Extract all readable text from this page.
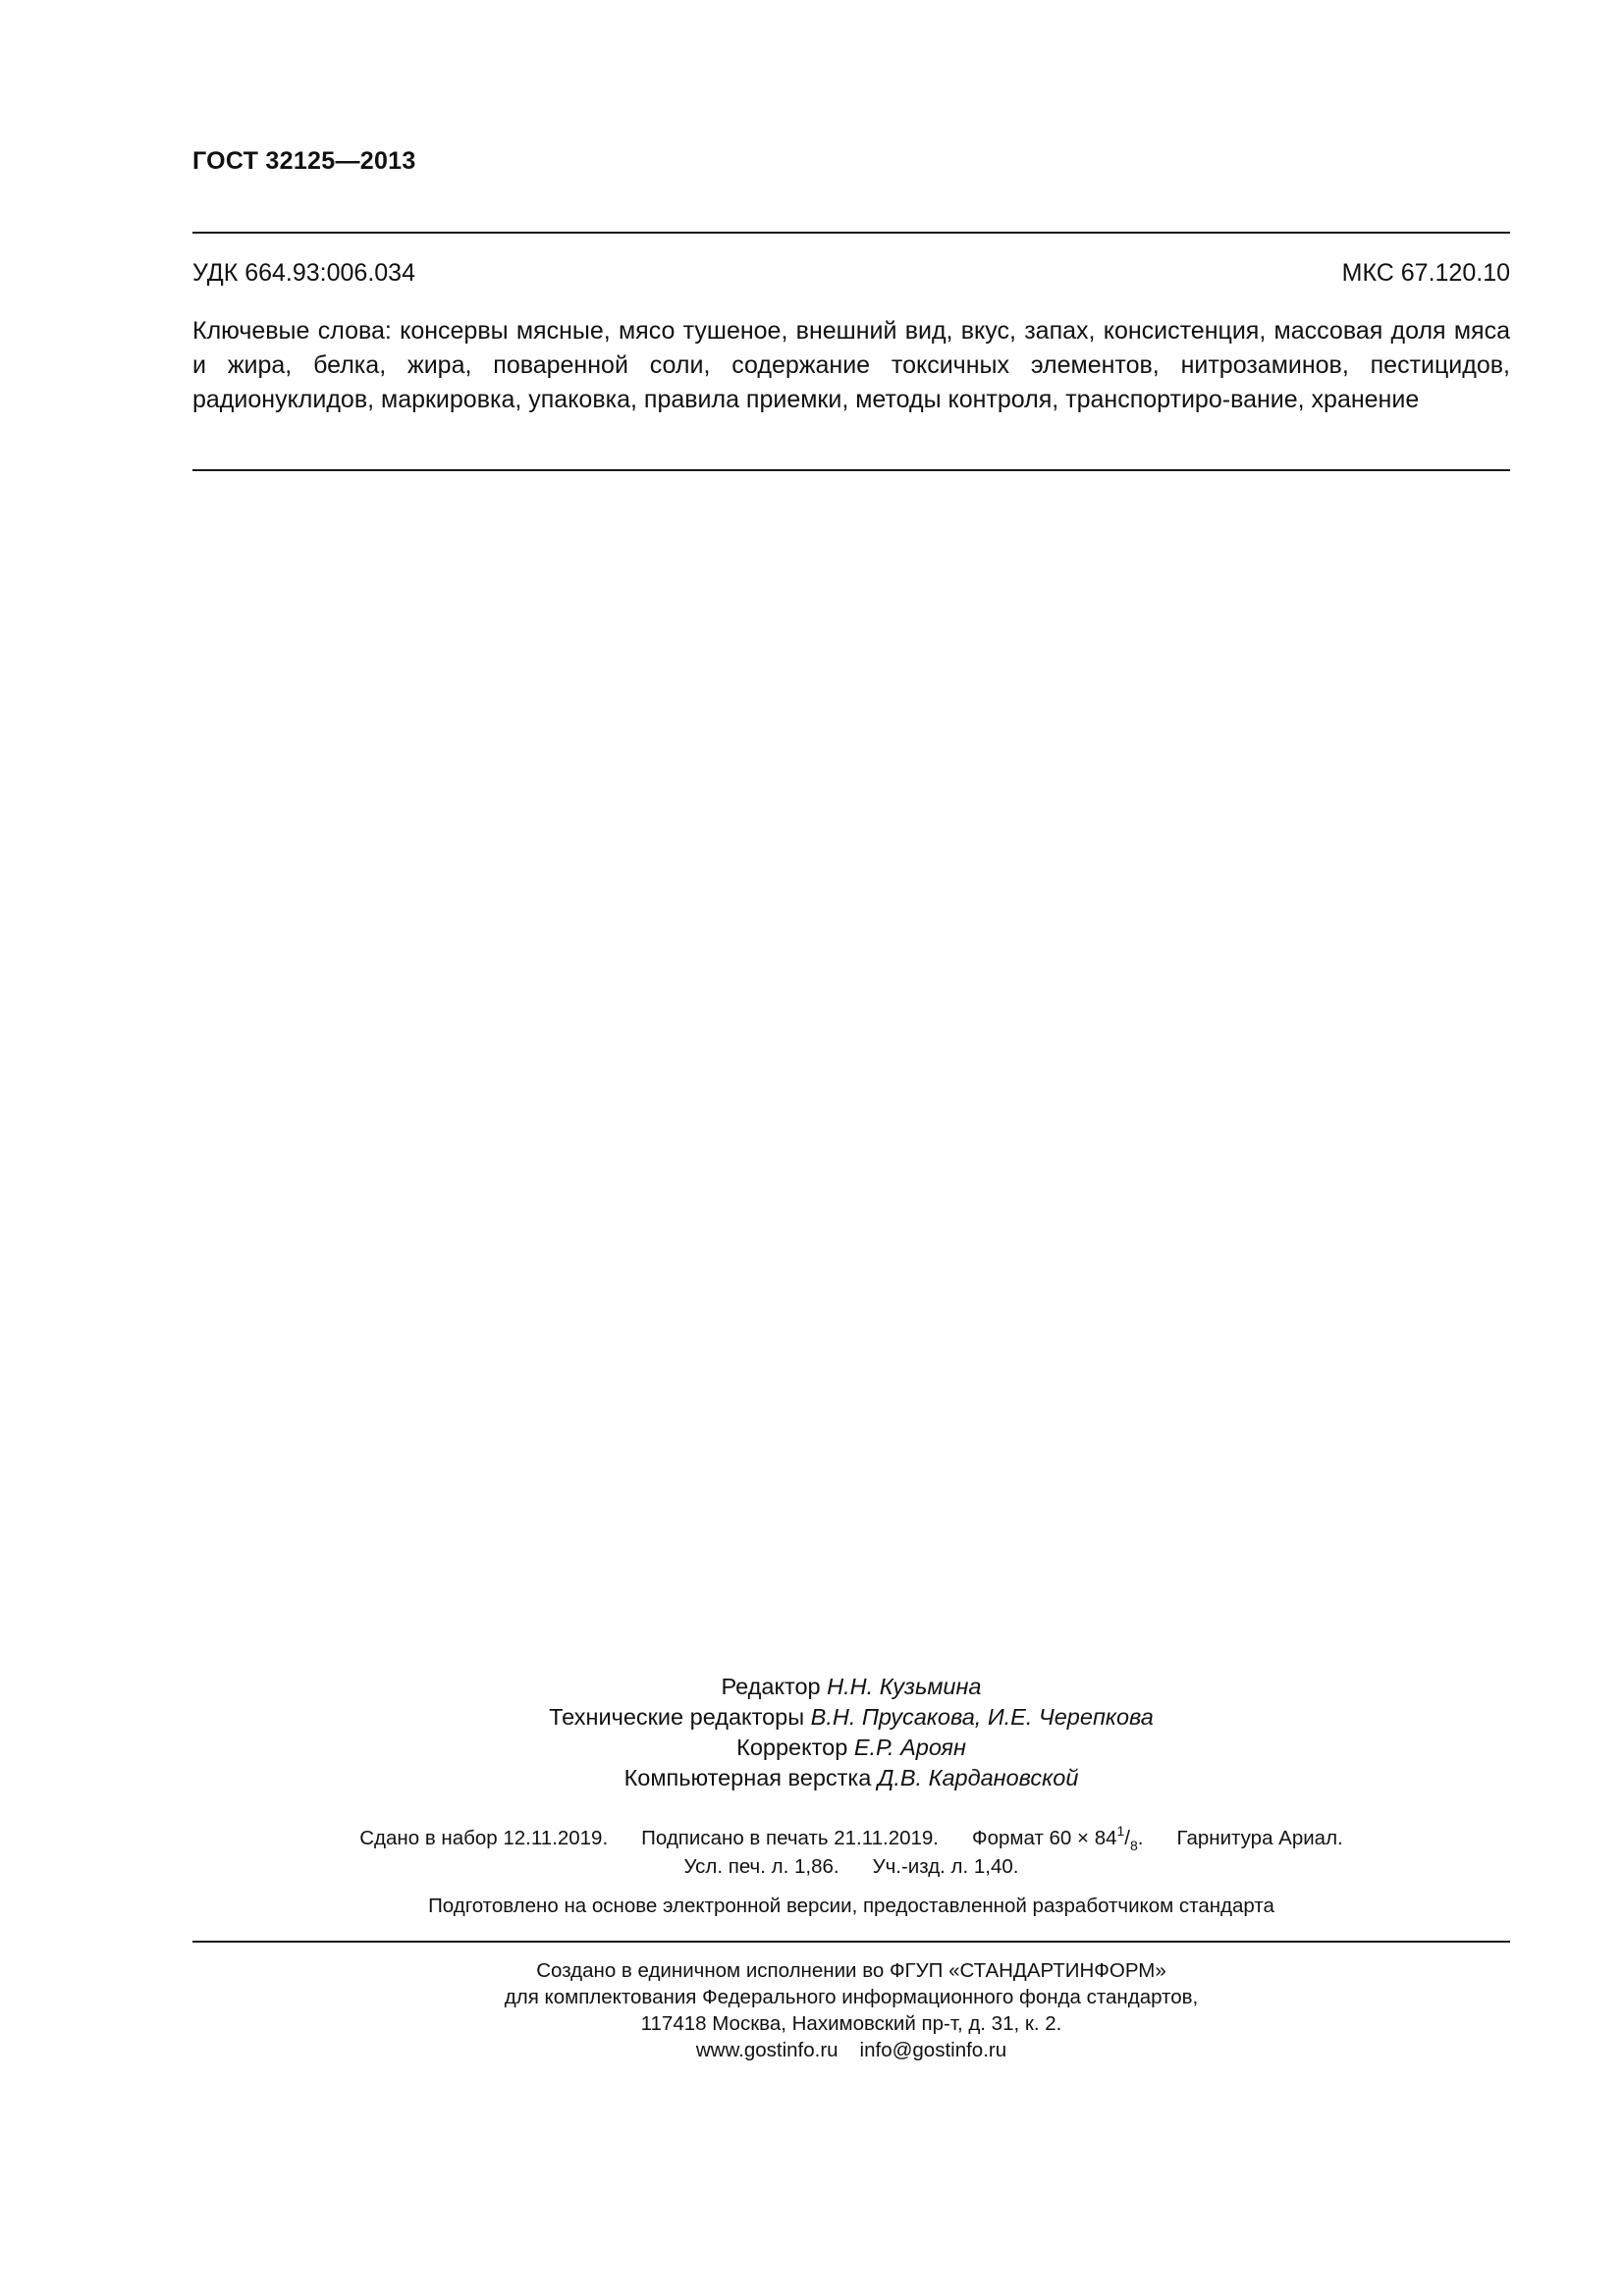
ГОСТ 32125—2013
УДК 664.93:006.034	МКС 67.120.10

Ключевые слова: консервы мясные, мясо тушеное, внешний вид, вкус, запах, консистенция, массовая доля мяса и жира, белка, жира, поваренной соли, содержание токсичных элементов, нитрозаминов, пестицидов, радионуклидов, маркировка, упаковка, правила приемки, методы контроля, транспортиро-вание, хранение

Редактор Н.Н. Кузьмина
Технические редакторы В.Н. Прусакова, И.Е. Черепкова
Корректор Е.Р. Ароян
Компьютерная верстка Д.В. Кардановской
Сдано в набор 12.11.2019. Подписано в печать 21.11.2019. Формат $60 \times 84^1/_8$. Гарнитура Ариал.
Усл. печ. л. 1,86. Уч.-изд. л. 1,40.
Подготовлено на основе электронной версии, предоставленной разработчиком стандарта
Создано в единичном исполнении во ФГУП «СТАНДАРТИНФОРМ»
для комплектования Федерального информационного фонда стандартов,
117418 Москва, Нахимовский пр-т, д. 31, к. 2.
www.gostinfo.ru info@gostinfo.ru
